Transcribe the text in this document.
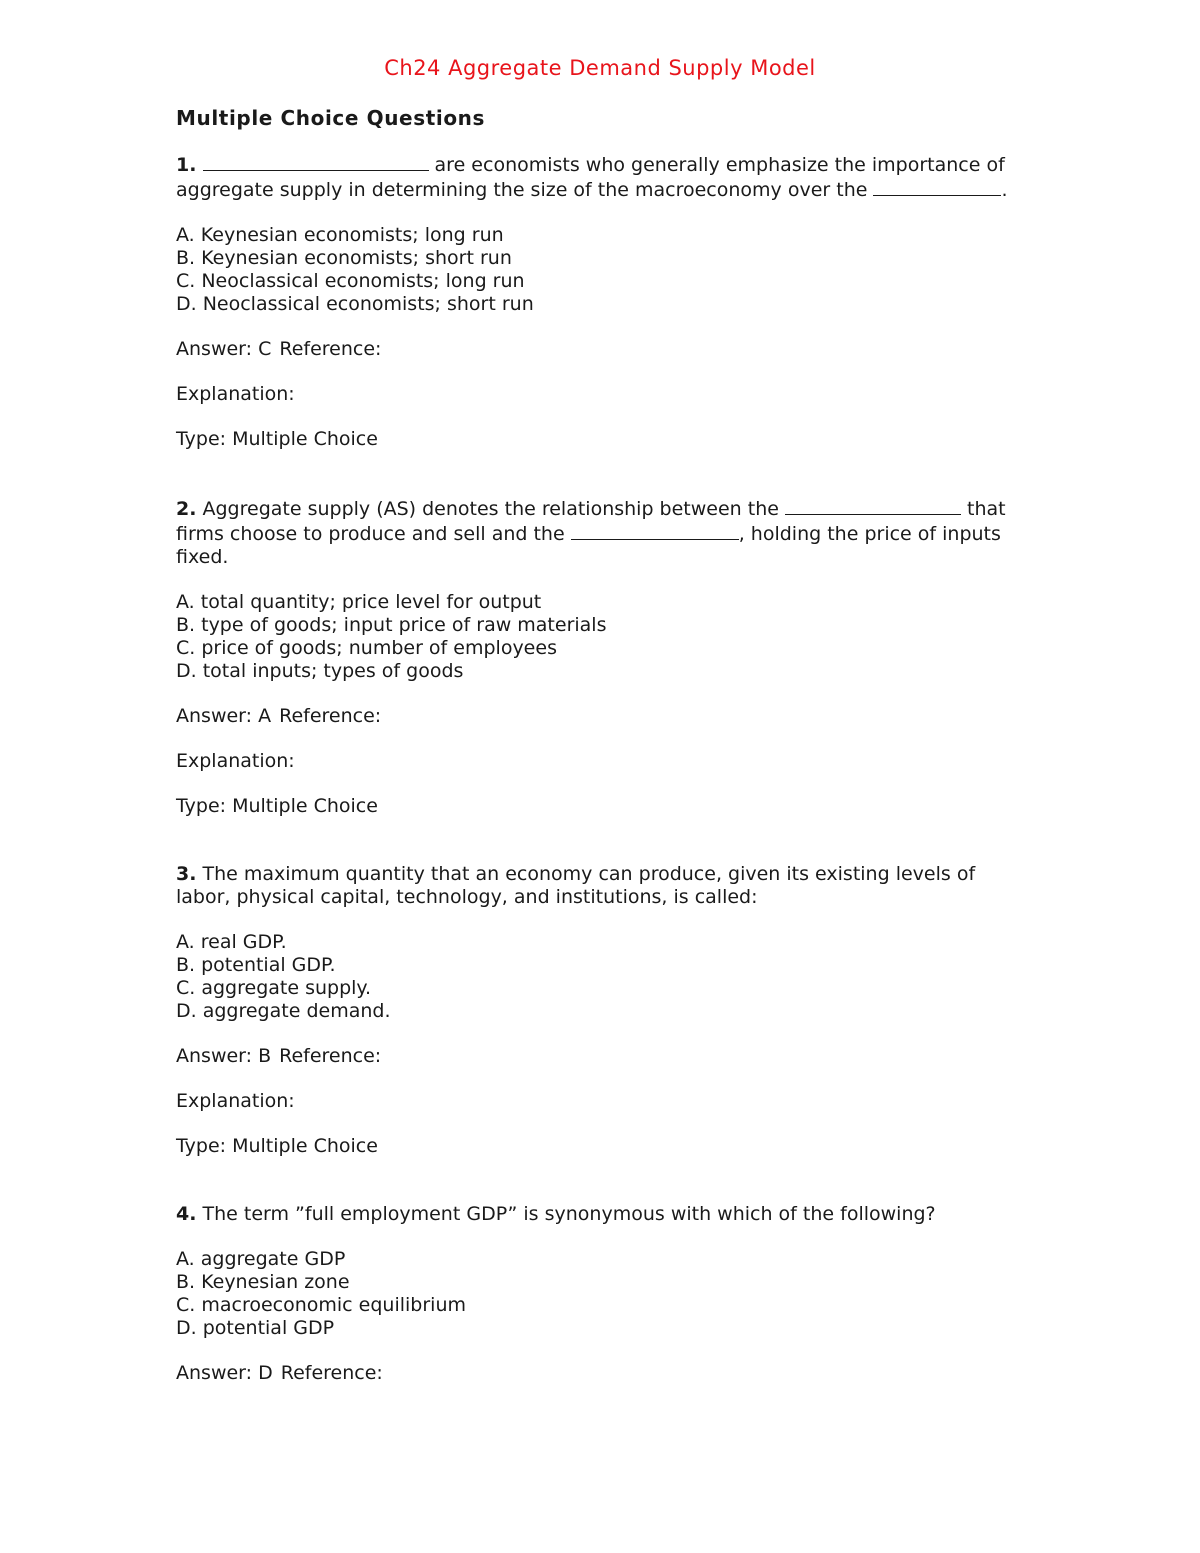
Ch24 Aggregate Demand Supply Model
Multiple Choice Questions
1.	are economists who generally emphasize the importance of aggregate supply in determining the size of the macroeconomy over the	.
A. Keynesian economists; long run
B. Keynesian economists; short run
C. Neoclassical economists; long run
D. Neoclassical economists; short run
Answer: C Reference:
Explanation:
Type: Multiple Choice
2. Aggregate supply (AS) denotes the relationship between the	that firms choose to produce and sell and the	, holding the price of inputs fixed.
A. total quantity; price level for output
B. type of goods; input price of raw materials
C. price of goods; number of employees
D. total inputs; types of goods
Answer: A Reference:
Explanation:
Type: Multiple Choice
3. The maximum quantity that an economy can produce, given its existing levels of labor, physical capital, technology, and institutions, is called:
A. real GDP.
B. potential GDP.
C. aggregate supply.
D. aggregate demand.
Answer: B Reference:
Explanation:
Type: Multiple Choice
4. The term ”full employment GDP” is synonymous with which of the following?
A. aggregate GDP
B. Keynesian zone
C. macroeconomic equilibrium
D. potential GDP
Answer: D Reference:
